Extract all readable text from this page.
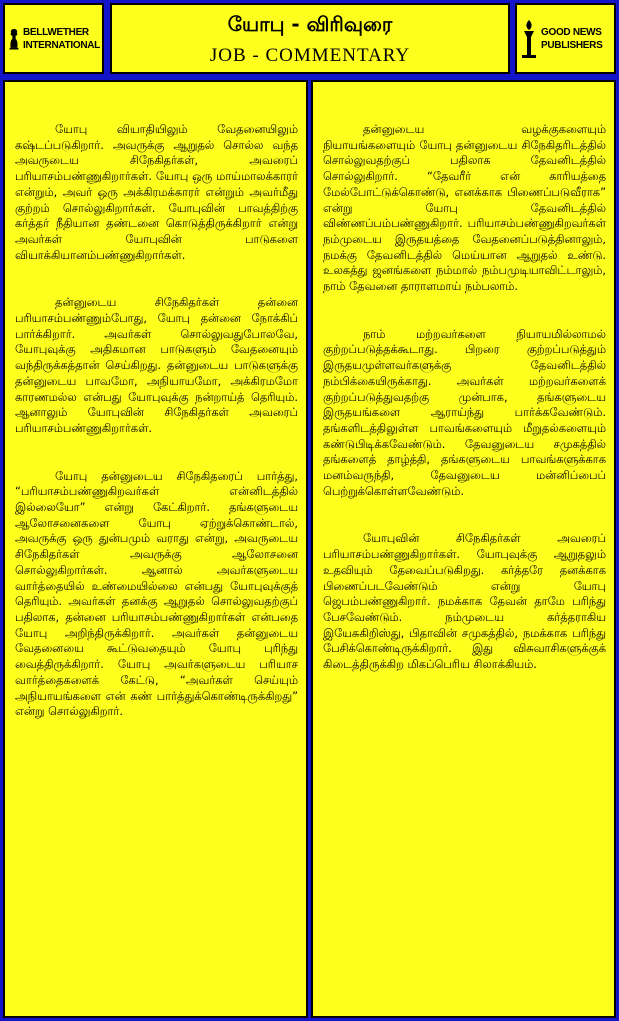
BELLWETHER
INTERNATIONAL
யோபு - விரிவுரை
JOB - COMMENTARY
GOOD NEWS
PUBLISHERS

யோபு வியாதியிலும் வேதனையிலும் கஷ்டப்படுகிறார். அவருக்கு ஆறுதல் சொல்ல வந்த அவருடைய சிநேகிதர்கள், அவரைப் பரியாசம்பண்ணுகிறார்கள். யோபு ஒரு மாய்மாலக்காரர் என்றும், அவர் ஒரு அக்கிரமக்காரர் என்றும் அவர்மீது குற்றம் சொல்லுகிறார்கள். யோபுவின் பாவத்திற்கு கர்த்தர் நீதியான தண்டனை கொடுத்திருக்கிறார் என்று அவர்கள் யோபுவின் பாடுகளை வியாக்கியானம்பண்ணுகிறார்கள்.

தன்னுடைய சிநேகிதர்கள் தன்னை பரியாசம்பண்ணும்போது, யோபு தன்னை நோக்கிப் பார்க்கிறார். அவர்கள் சொல்லுவதுபோலவே, யோபுவுக்கு அதிகமான பாடுகளும் வேதனையும் வந்திருக்கத்தான் செய்கிறது. தன்னுடைய பாடுகளுக்கு தன்னுடைய பாவமோ, அநியாயமோ, அக்கிரமமோ காரணமல்ல என்பது யோபுவுக்கு நன்றாய்த் தெரியும். ஆனாலும் யோபுவின் சிநேகிதர்கள் அவரைப் பரியாசம்பண்ணுகிறார்கள்.

யோபு தன்னுடைய சிநேகிதரைப் பார்த்து, “பரியாசம்பண்ணுகிறவர்கள் என்னிடத்தில் இல்லையோ” என்று கேட்கிறார். தங்களுடைய ஆலோசனைகளை யோபு ஏற்றுக்கொண்டால், அவருக்கு ஒரு துன்பமும் வராது என்று, அவருடைய சிநேகிதர்கள் அவருக்கு ஆலோசனை சொல்லுகிறார்கள். ஆனால் அவர்களுடைய வார்த்தையில் உண்மையில்லை என்பது யோபுவுக்குத் தெரியும். அவர்கள் தனக்கு ஆறுதல் சொல்லுவதற்குப் பதிலாக, தன்னை பரியாசம்பண்ணுகிறார்கள் என்பதை யோபு அறிந்திருக்கிறார். அவர்கள் தன்னுடைய வேதனையை கூட்டுவதையும் யோபு புரிந்து வைத்திருக்கிறார். யோபு அவர்களுடைய பரியாச வார்த்தைகளைக் கேட்டு, “அவர்கள் செய்யும் அநியாயங்களை என் கண் பார்த்துக்கொண்டிருக்கிறது” என்று சொல்லுகிறார்.

தன்னுடைய வழக்குகளையும் நியாயங்களையும் யோபு தன்னுடைய சிநேகிதரிடத்தில் சொல்லுவதற்குப் பதிலாக தேவனிடத்தில் சொல்லுகிறார். “தேவரீர் என் காரியத்தை மேல்போட்டுக்கொண்டு, எனக்காக பிணைப்படுவீராக” என்று யோபு தேவனிடத்தில் விண்ணப்பம்பண்ணுகிறார். பரியாசம்பண்ணுகிறவர்கள் நம்முடைய இருதயத்தை வேதனைப்படுத்தினாலும், நமக்கு தேவனிடத்தில் மெய்யான ஆறுதல் உண்டு. உலகத்து ஜனங்களை நம்மால் நம்பமுடியாவிட்டாலும், நாம் தேவனை தாராளமாய் நம்பலாம்.

நாம் மற்றவர்களை நியாயமில்லாமல் குற்றப்படுத்தக்கூடாது. பிறரை குற்றப்படுத்தும் இருதயமுள்ளவர்களுக்கு தேவனிடத்தில் நம்பிக்கையிருக்காது. அவர்கள் மற்றவர்களைக் குற்றப்படுத்துவதற்கு முன்பாக, தங்களுடைய இருதயங்களை ஆராய்ந்து பார்க்கவேண்டும். தங்களிடத்திலுள்ள பாவங்களையும் மீறுதல்களையும் கண்டுபிடிக்கவேண்டும். தேவனுடைய சமுகத்தில் தங்களைத் தாழ்த்தி, தங்களுடைய பாவங்களுக்காக மனம்வருந்தி, தேவனுடைய மன்னிப்பைப் பெற்றுக்கொள்ளவேண்டும்.

யோபுவின் சிநேகிதர்கள் அவரைப் பரியாசம்பண்ணுகிறார்கள். யோபுவுக்கு ஆறுதலும் உதவியும் தேவைப்படுகிறது. கர்த்தரே தனக்காக பிணைப்படவேண்டும் என்று யோபு ஜெபம்பண்ணுகிறார். நமக்காக தேவன் தாமே பரிந்து பேசவேண்டும். நம்முடைய கர்த்தராகிய இயேசுகிறிஸ்து, பிதாவின் சமுகத்தில், நமக்காக பரிந்து பேசிக்கொண்டிருக்கிறார். இது விசுவாசிகளுக்குக் கிடைத்திருக்கிற மிகப்பெரிய சிலாக்கியம்.
